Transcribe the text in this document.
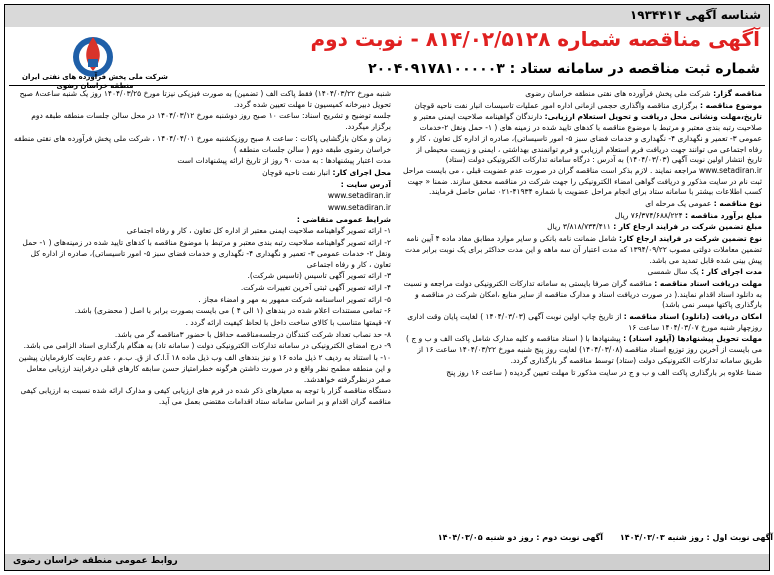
شناسه آگهی ۱۹۳۴۴۱۴
شرکت ملی پخش فرآورده های نفتی ایران
منطقه خراسان رضوی
آگهی مناقصه شماره ۸۱۴/۰۲/۵۱۲۸ - نوبت دوم
شماره ثبت مناقصه در سامانه ستاد : ۲۰۰۴۰۹۱۷۸۱۰۰۰۰۰۳

مناقصه گزار: شرکت ملی پخش فرآورده های نفتی منطقه خراسان رضوی

موضوع مناقصه : برگزاری مناقصه واگذاری حجمی ازمانی اداره امور عملیات تاسیسات انبار نفت ناحیه قوچان

تاریخ،مهلت ونشانی محل دریافت و تحویل استعلام ارزیابی: دارندگان گواهینامه صلاحیت ایمنی معتبر و صلاحیت رتبه بندی معتبر و مرتبط با موضوع مناقصه با کدهای تایید شده در زمینه های ( ۱- حمل ونقل ۲-خدمات عمومی ۳- تعمیر و نگهداری ۴- نگهداری و خدمات فضای سبز ۵- امور تاسیساتی)، صادره از اداره کل تعاون ، کار و رفاه اجتماعی می توانند جهت دریافت فرم استعلام ارزیابی و فرم توانمندی بهداشتی ، ایمنی و زیست محیطی از تاریخ انتشار اولین نوبت آگهی (۱۴۰۴/۰۳/۰۳) به آدرس : درگاه سامانه تدارکات الکترونیکی دولت (ستاد) www.setadiran.ir مراجعه نمایند . لازم بذکر است مناقصه گران در صورت عدم عضویت قبلی ، می بایست مراحل ثبت نام در سایت مذکور و دریافت گواهی امضاء الکترونیکی را جهت شرکت در مناقصه محقق سازند. ضمنا « جهت کسب اطلاعات بیشتر با سامانه ستاد برای انجام مراحل عضویت با شماره ۴۱۹۳۴-۰۲۱ تماس حاصل فرمایند.

نوع مناقصه : عمومی یک مرحله ای

مبلغ برآورد مناقصه : ۷۶/۳۷۴/۶۸۸/۲۲۴ ریال

مبلغ تضمین شرکت در فرایند ارجاع کار : ۳/۸۱۸/۷۳۴/۴۱۱ ریال

نوع تضمین شرکت در فرایند ارجاع کار: شامل ضمانت نامه بانکی و سایر موارد مطابق مفاد ماده ۴ آیین نامه تضمین معاملات دولتی مصوب ۱۳۹۴/۰۹/۲۲ که مدت اعتبار آن سه ماهه و این مدت حداکثر برای یک نوبت برابر مدت پیش بینی شده قابل تمدید می باشد.

مدت اجرای کار : یک سال شمسی

مهلت دریافت اسناد مناقصه : مناقصه گران صرفا بایستی به سامانه تدارکات الکترونیکی دولت مراجعه و نسبت به دانلود اسناد اقدام نمایند.( در صورت دریافت اسناد و مدارک مناقصه از سایر منابع ،امکان شرکت در مناقصه و بارگذاری پاکتها میسر نمی باشد)

امکان دریافت (دانلود) اسناد مناقصه : از تاریخ چاپ اولین نوبت آگهی (۱۴۰۴/۰۳/۰۳ ) لغایت پایان وقت اداری روزچهار شنبه مورخ ۱۴۰۴/۰۳/۰۷ ساعت ۱۶

مهلت تحویل پیشنهادها (آپلود اسناد) : پیشنهادها با ( اسناد مناقصه و کلیه مدارک شامل پاکت الف و ب و ج ) می بایست از آخرین روز توزیع اسناد مناقصه (۱۴۰۴/۰۳/۰۸) لغایت روز پنج شنبه مورخ ۱۴۰۴/۰۳/۲۲ ساعت ۱۶ از طریق سامانه تدارکات الکترونیکی دولت (ستاد) توسط مناقصه گر بارگذاری گردد.

ضمنا علاوه بر بارگذاری پاکت الف و ب و ج در سایت مذکور تا مهلت تعیین گردیده ( ساعت ۱۶ روز پنج

شنبه مورخ ۱۴۰۴/۰۳/۲۲) فقط پاکت الف ( تضمین) به صورت فیزیکی نیزتا مورخ ۱۴۰۴/۰۳/۲۵ روز یک شنبه ساعت۸ صبح تحویل دبیرخانه کمیسیون تا مهلت تعیین شده گردد.

جلسه توضیح و تشریح اسناد: ساعت ۱۰ صبح روز دوشنبه مورخ ۱۴۰۴/۰۳/۱۲ در محل سالن جلسات منطقه طبقه دوم برگزار میگردد.

زمان و مکان بازگشایی پاکات : ساعت ۸ صبح روزیکشنبه مورخ ۱۴۰۴/۰۴/۰۱ ، شرکت ملی پخش فرآورده های نفتی منطقه خراسان رضوی طبقه دوم ( سالن جلسات منطقه )

مدت اعتبار پیشنهادها : به مدت ۹۰ روز از تاریخ ارائه پیشنهادات است

محل اجرای کار: انبار نفت ناحیه قوچان

آدرس سایت :

www.setadiran.ir

www.setadiran.ir

شرایط عمومی متقاضی :

۱- ارائه تصویر گواهینامه صلاحیت ایمنی معتبر از اداره کل تعاون ، کار و رفاه اجتماعی

۲- ارائه تصویر گواهینامه صلاحیت رتبه بندی معتبر و مرتبط با موضوع مناقصه با کدهای تایید شده در زمینه‌های ( ۱- حمل ونقل ۲- خدمات عمومی ۳- تعمیر و نگهداری ۴- نگهداری و خدمات فضای سبز ۵- امور تاسیساتی)، صادره از اداره کل تعاون ، کار و رفاه اجتماعی

۳- ارائه تصویر آگهی تاسیس (تاسیس شرکت).

۴- ارائه تصویر آگهی ثبتی آخرین تغییرات شرکت.

۵- ارائه تصویر اساسنامه شرکت ممهور به مهر و امضاء مجاز .

۶- تمامی مستندات اعلام شده در بندهای (۱ الی ۴ ) می بایست بصورت برابر با اصل ( محضری) باشد.

۷- قیمتها متناسب با کالای ساخت داخل با لحاظ کیفیت ارائه گردد .

۸- حد نصاب تعداد شرکت کنندگان درجلسه‌مناقصه حداقل با حضور ۳مناقصه گر می باشد.

۹- درج امضای الکترونیکی در سامانه تدارکات الکترونیکی دولت ( سامانه تاد) به هنگام بارگذاری اسناد الزامی می باشد.

۱۰- با استناد به ردیف ۲ ذیل ماده ۱۶ و نیز بندهای الف وب ذیل ماده ۱۸ آ.ا.ک از ق. ب.م ، عدم رعایت کارفرمایان پیشین و این منطقه مطمح نظر واقع و در صورت داشتن هرگونه خطرامتیاز حسن سابقه کارهای قبلی درفرایند ارزیابی معامل صفر درنظرگرفته خواهدشد.

دستگاه مناقصه گزار با توجه به معیارهای ذکر شده در فرم های ارزیابی کیفی و مدارک ارائه شده نسبت به ارزیابی کیفی مناقصه گران اقدام و بر اساس سامانه ستاد اقدامات مقتضی بعمل می آید.

آگهی نوبت اول : روز شنبه ۱۴۰۴/۰۳/۰۳ آگهی نوبت دوم : روز دو شنبه ۱۴۰۴/۰۳/۰۵
روابط عمومی منطقه خراسان رضوی
